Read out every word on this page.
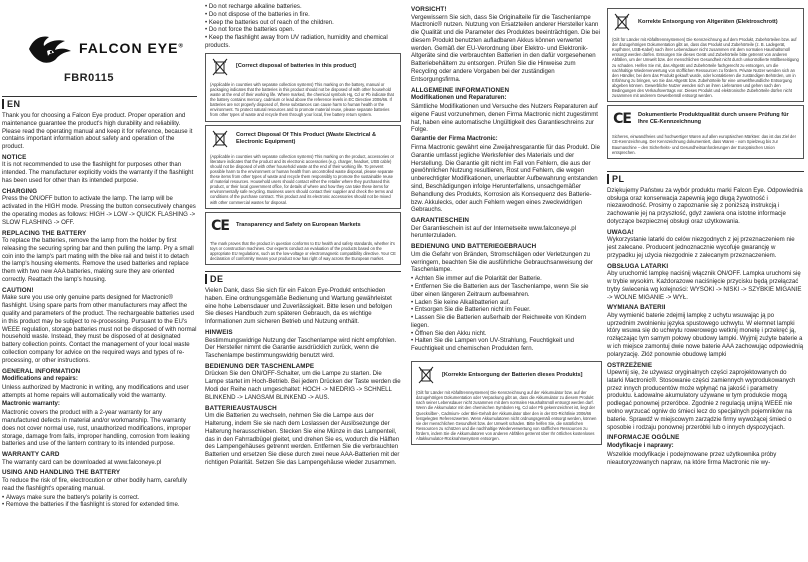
FALCON EYE®
FBR0115
EN

Thank you for choosing a Falcon Eye product. Proper operation and maintenance guarantee the product's high durability and reliability. Please read the operating manual and keep it for reference, because it contains important information about safety and operation of the product.

NOTICE

It is not recommended to use the flashlight for purposes other than intended. The manufacturer explicitly voids the warranty if the flashlight has been used for other than its intended purpose.

CHARGING

Press the ON/OFF button to activate the lamp. The lamp will be activated in the HIGH mode. Pressing the button consecutively changes the operating modes as follows: HIGH -> LOW -> QUICK FLASHING -> SLOW FLASHING -> OFF.

REPLACING THE BATTERY

To replace the batteries, remove the lamp from the holder by first releasing the securing spring bar and then pulling the lamp. Pry a small coin into the lamp's part mating with the bike rail and twist it to detach the lamp's housing elements. Remove the used batteries and replace them with two new AAA batteries, making sure they are oriented correctly. Reattach the lamp's housing.

CAUTION!

Make sure you use only genuine parts designed for Mactronic® flashlight. Using spare parts from other manufacturers may affect the quality and parameters of the product. The rechargeable batteries used in this product may be subject to re-processing. Pursuant to the EU's WEEE regulation, storage batteries must not be disposed of with normal household waste. Instead, they must be disposed of at designated battery collection points. Contact the management of your local waste collection company for advice on the required ways and types of re-processing, or other instructions.

GENERAL INFORMATION

Modifications and repairs:

Unless authorized by Mactronic in writing, any modifications and user attempts at home repairs will automatically void the warranty.

Mactronic warranty:

Mactronic covers the product with a 2-year warranty for any manufactured defects in material and/or workmanship. The warranty does not cover normal use, rust, unauthorized modifications, improper storage, damage from falls, improper handling, corrosion from leaking batteries and use of the lantern contrary to its intended purpose.

WARRANTY CARD

The warranty card can be downloaded at www.falconeye.pl

USING AND HANDLING THE BATTERY

To reduce the risk of fire, electrocution or other bodily harm, carefully read the flashlight's operating manual.

• Always make sure the battery's polarity is correct.
• Remove the batteries if the flashlight is stored for extended time.
• Do not recharge alkaline batteries.
• Do not dispose of the batteries in fire.
• Keep the batteries out of reach of the children.
• Do not force the batteries open.
• Keep the flashlight away from UV radiation, humidity and chemical products.
[Correct disposal of batteries in this product]
(Applicable in countries with separate collection systems) This marking on the battery, manual or packaging indicates that the batteries in this product should not be disposed of with other household waste at the end of their working life. Where marked, the chemical symbols Hg, Cd or Pb indicate that the battery contains mercury, cadmium or lead above the reference levels in EC Directive 2006/66. If batteries are not properly disposed of, these substances can cause harm to human health or the environment. To protect natural resources and to promote material reuse, please separate batteries from other types of waste and recycle them through your local, free battery return system.
Correct Disposal Of This Product (Waste Electrical & Electronic Equipment)
(Applicable in countries with separate collection systems) This marking on the product, accessories or literature indicates that the product and its electronic accessories (e.g. charger, headset, USB cable) should not be disposed of with other household waste at the end of their working life. To prevent possible harm to the environment or human health from uncontrolled waste disposal, please separate these items from other types of waste and recycle them responsibly to promote the sustainable reuse of material resources. Household users should contact either the retailer where they purchased this product, or their local government office, for details of where and how they can take these items for environmentally safe recycling. Business users should contact their supplier and check the terms and conditions of the purchase contract. This product and its electronic accessories should not be mixed with other commercial wastes for disposal.
CE Transparency and Safety on European Markets
The mark proves that the product in question conforms to EU health and safety standards, whether it's toys or construction machines. Our experts conduct an evaluation of the products based on the appropriate EU regulations, such as the low-voltage or electromagnetic compatibility directive. Your CE declaration of conformity means your product now has right of way across the European market.
DE

Vielen Dank, dass Sie sich für ein Falcon Eye-Produkt entschieden haben. Eine ordnungsgemäße Bedienung und Wartung gewährleistet eine hohe Lebensdauer und Zuverlässigkeit. Bitte lesen und befolgen Sie dieses Handbuch zum späteren Gebrauch, da es wichtige Informationen zum sicheren Betrieb und Nutzung enthält.

HINWEIS

Bestimmungswidrige Nutzung der Taschenlampe wird nicht empfohlen. Der Hersteller nimmt die Garantie ausdrücklich zurück, wenn die Taschenlampe bestimmungswidrig benutzt wird.

BEDIENUNG DER TASCHENLAMPE

Drücken Sie den ON/OFF-Schalter, um die Lampe zu starten. Die Lampe startet im Hoch-Betrieb. Bei jedem Drücken der Taste werden die Modi der Reihe nach umgeschaltet: HOCH -> NIEDRIG -> SCHNELL BLINKEND -> LANGSAM BLINKEND -> AUS.

BATTERIEAUSTAUSCH

Um die Batterien zu wechseln, nehmen Sie die Lampe aus der Halterung, indem Sie sie nach dem Loslassen der Auslösezunge der Halterung herausschieben. Stecken Sie eine Münze in das Lampenteil, das in den Fahrradbügel gleitet, und drehen Sie es, wodurch die Hälften des Lampengehäuses getrennt werden. Entfernen Sie die verbrauchten Batterien und ersetzen Sie diese durch zwei neue AAA-Batterien mit der richtigen Polarität. Setzen Sie das Lampengehäuse wieder zusammen.

VORSICHT!

Vergewissern Sie sich, dass Sie Originalteile für die Taschenlampe Mactronic® nutzen. Nutzung von Ersatzteilen anderer Hersteller kann die Qualität und die Parameter des Produktes beeinträchtigen. Die bei diesem Produkt benutzten aufladbaren Akkus können verwertet werden. Gemäß der EU-Verordnung über Elektro- und Elektronik-Altgeräte sind die verbrauchten Batterien in den dafür vorgesehenen Batteriebehältern zu entsorgen. Prüfen Sie die Hinweise zum Recycling oder andere Vorgaben bei der zuständigen Entsorgungsfirma.

ALLGEMEINE INFORMATIONEN

Modifikationen und Reparaturen:

Sämtliche Modifikationen und Versuche des Nutzers Reparaturen auf eigene Faust vorzunehmen, denen Firma Mactronic nicht zugestimmt hat, haben eine automatische Ungültigkeit des Garantieschreins zur Folge.

Garantie der Firma Mactronic:

Firma Mactronic gewährt eine Zweijahresgarantie für das Produkt. Die Garantie umfasst jegliche Werksfehler des Materials und der Herstellung. Die Garantie gilt nicht im Fall von Fehlern, die aus der gewöhnlichen Nutzung resultieren, Rost und Fehlern, die wegen unberechtigter Modifikationen, unerlaubter Aufbewahrung entstanden sind, Beschädigungen infolge Herunterfallens, unsachgemäßer Behandlung des Produkts, Korrosion als Konsequenz des Batterie- bzw. Akkulecks, oder auch Fehlern wegen eines zweckwidrigen Gebrauchs.

GARANTIESCHEIN

Der Garantieschein ist auf der Internetseite www.falconeye.pl herunterzuladen.

BEDIENUNG UND BATTERIEGEBRAUCH

Um die Gefahr von Bränden, Stromschlägen oder Verletzungen zu verringern, beachten Sie die ausführliche Gebrauchsanweisung der Taschenlampe.

• Achten Sie immer auf die Polarität der Batterie.
• Entfernen Sie die Batterien aus der Taschenlampe, wenn Sie sie über einen längeren Zeitraum aufbewahren.
• Laden Sie keine Alkalibatterien auf.
• Entsorgen Sie die Batterien nicht im Feuer.
• Lassen Sie die Batterien außerhalb der Reichweite von Kindern liegen.
• Öffnen Sie den Akku nicht.
• Halten Sie die Lampen von UV-Strahlung, Feuchtigkeit und Feuchtigkeit und chemischen Produkten fern.
[Korrekte Entsorgung der Batterien dieses Produkts]
(Gilt für Länder mit Abfalltrennsystemen) Die Kennzeichnung auf der Akkumulator bzw. auf der dazugehörigen Dokumentation oder Verpackung gibt an, dass die Akkumulator zu diesem Produkt nach seiner Lebensdauer nicht zusammen mit dem normalen Haushaltsmüll entsorgt werden darf. Wenn die Akkumulator mit den chemischen Symbolen Hg, Cd oder Pb gekennzeichnet ist, liegt der Quecksilber-, Cadmium- oder Blei-Gehalt der Akkumulator über den in der EG-Richtlinie 2006/66 festgelegten Referenzwerten. Wenn Akkumulatoren nicht ordnungsgemäß entsorgt werden, können sie der menschlichen Gesundheit bzw. der Umwelt schaden. Bitte helfen Sie, die natürlichen Ressourcen zu schützen und die nachhaltige Wiederverwertung von stofflichen Ressourcen zu fördern, indem Sie die Akkumulatoren von anderen Abfällen getrennt über Ihr örtliches kostenloses Altakkumulator-Rücknahmesystem entsorgen.
Korrekte Entsorgung von Altgeräten (Elektroschrott)
(Gilt für Länder mit Abfalltrennsystemen) Die Kennzeichnung auf dem Produkt, Zubehörteilen bzw. auf der dazugehörigen Dokumentation gibt an, dass das Produkt und Zubehörteile (z. B. Ladegerät, Kopfhörer, USB-Kabel) nach ihrer Lebensdauer nicht zusammen mit dem normalen Haushaltsmüll entsorgt werden dürfen. Entsorgen Sie dieses Gerät und Zubehörteile bitte getrennt von anderen Abfällen, um der Umwelt bzw. der menschlichen Gesundheit nicht durch unkontrollierte Müllbeseitigung zu schaden. Helfen Sie mit, das Altgerät und Zubehörteile fachgerecht zu entsorgen, um die nachhaltige Wiederverwertung von stofflichen Ressourcen zu fördern. Private Nutzer wenden sich an den Händler, bei dem das Produkt gekauft wurde, oder kontaktieren die zuständigen Behörden, um in Erfahrung zu bringen, wo Sie das Altgerät bzw. Zubehörteile für eine umweltfreundliche Entsorgung abgeben können. Gewerbliche Nutzer wenden sich an ihren Lieferanten und gehen nach den Bedingungen des Verkaufsvertrags vor. Dieses Produkt und elektronische Zubehörteile dürfen nicht zusammen mit anderem Gewerbemüll entsorgt werden.
CE Dokumentierte Produktqualität durch unsere Prüfung für Ihre CE-Kennzeichnung
Sicheres, einwandfreies und hochwertiger Waren auf allen europäischen Märkten: das ist das Ziel der CE-Kennzeichnung. Der Kennzeichnung dokumentiert, dass Waren - vom Spielzeug bis zur Baumaschine – den Sicherheits- und Gesundheitsanforderungen der Europäischen Union entsprechen.
PL

Dziękujemy Państwu za wybór produktu marki Falcon Eye. Odpowiednia obsługa oraz konserwacja zapewnią jego długą żywotność i niezawodność. Prosimy o zapoznanie się z poniższą instrukcją i zachowanie jej na przyszłość, gdyż zawiera ona istotne informacje dotyczące bezpiecznej obsługi oraz użytkowania.

UWAGA!

Wykorzystanie latarki do celów niezgodnych z jej przeznaczeniem nie jest zalecane. Producent jednoznacznie wycofuje gwarancję w przypadku jej użycia niezgodnie z zalecanym przeznaczeniem.

OBSŁUGA LATARKI

Aby uruchomić lampkę naciśnij włącznik ON/OFF. Lampka uruchomi się w trybie wysokim. Każdorazowe naciśnięcie przycisku będą przełączać tryby świecenia wg kolejności: WYSOKI -> NISKI -> SZYBKIE MIGANIE -> WOLNE MIGANIE -> WYŁ.

WYMIANA BATERII

Aby wymienić baterie zdejmij lampkę z uchytu wsuwając ją po uprzednim zwolnieniu języka spustowego uchwytu. W elemnet lampki który wsuwa się do uchwytu rowerowego wetknij monetę i przekręć ją, rozłączając tym samym połowy obudowy lampki. Wyjmij zużyte baterie a w ich miejsce zamontuj dwie nowe baterie AAA zachowując odpowiednią polaryzację. Złóż ponownie obudowę lampki

OSTRZEŻENIE

Upewnij się, że używasz oryginalnych części zaprojektowanych do latarki Mactronic®. Stosowanie części zamiennych wyprodukowanych przez innych producentów może wpłynąć na jakość i parametry produktu. Ładowalne akumulatory używane w tym produkcie mogą podlegać ponownej przeróbce. Zgodnie z regulacją unijną WEEE nie wolno wyrzucać ogniw do śmieci lecz do specjalnych pojemników na baterie. Sprawdź w miejscowym zarządzie firmy wywożącej śmieci o sposobie i rodzaju ponownej przeróbki lub o innych dyspozycjach.

INFORMACJE OGÓLNE

Modyfikacje i naprawy:

Wszelkie modyfikacje i podejmowane przez użytkownika próby nieautoryzowanych napraw, na które firma Mactronic nie wy-
